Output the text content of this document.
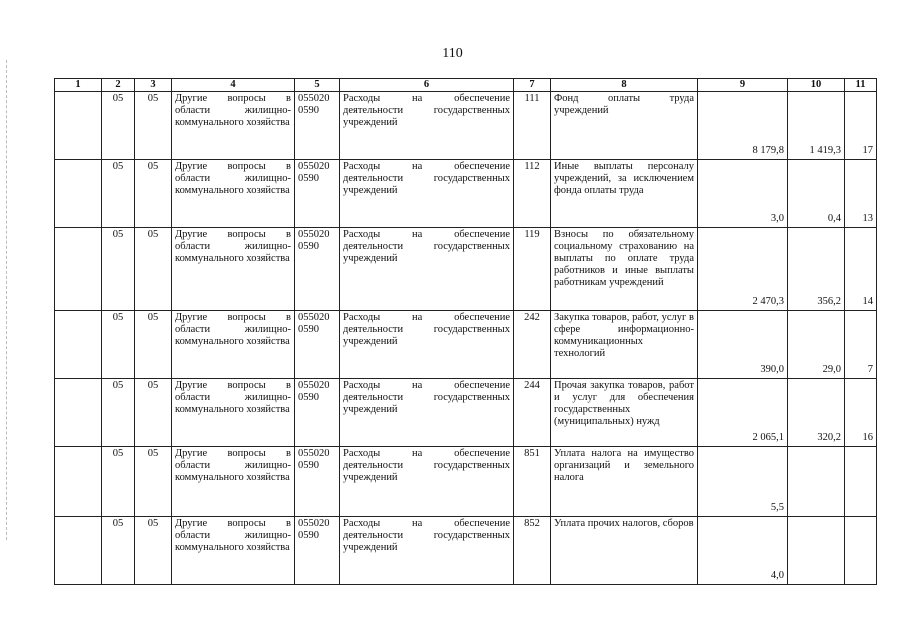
110
1	2	3	4	5	6	7	8	9	10	11
	05	05	Другие вопросы в области жилищно-коммунального хозяйства	055020 0590	Расходы на обеспечение деятельности государственных учреждений	111	Фонд оплаты труда учреждений	8 179,8	1 419,3	17
	05	05	Другие вопросы в области жилищно-коммунального хозяйства	055020 0590	Расходы на обеспечение деятельности государственных учреждений	112	Иные выплаты персоналу учреждений, за исключением фонда оплаты труда	3,0	0,4	13
	05	05	Другие вопросы в области жилищно-коммунального хозяйства	055020 0590	Расходы на обеспечение деятельности государственных учреждений	119	Взносы по обязательному социальному страхованию на выплаты по оплате труда работников и иные выплаты работникам учреждений	2 470,3	356,2	14
	05	05	Другие вопросы в области жилищно-коммунального хозяйства	055020 0590	Расходы на обеспечение деятельности государственных учреждений	242	Закупка товаров, работ, услуг в сфере информационно-коммуникационных технологий	390,0	29,0	7
	05	05	Другие вопросы в области жилищно-коммунального хозяйства	055020 0590	Расходы на обеспечение деятельности государственных учреждений	244	Прочая закупка товаров, работ и услуг для обеспечения государственных (муниципальных) нужд	2 065,1	320,2	16
	05	05	Другие вопросы в области жилищно-коммунального хозяйства	055020 0590	Расходы на обеспечение деятельности государственных учреждений	851	Уплата налога на имущество организаций и земельного налога	5,5		
	05	05	Другие вопросы в области жилищно-коммунального хозяйства	055020 0590	Расходы на обеспечение деятельности государственных учреждений	852	Уплата прочих налогов, сборов	4,0		
